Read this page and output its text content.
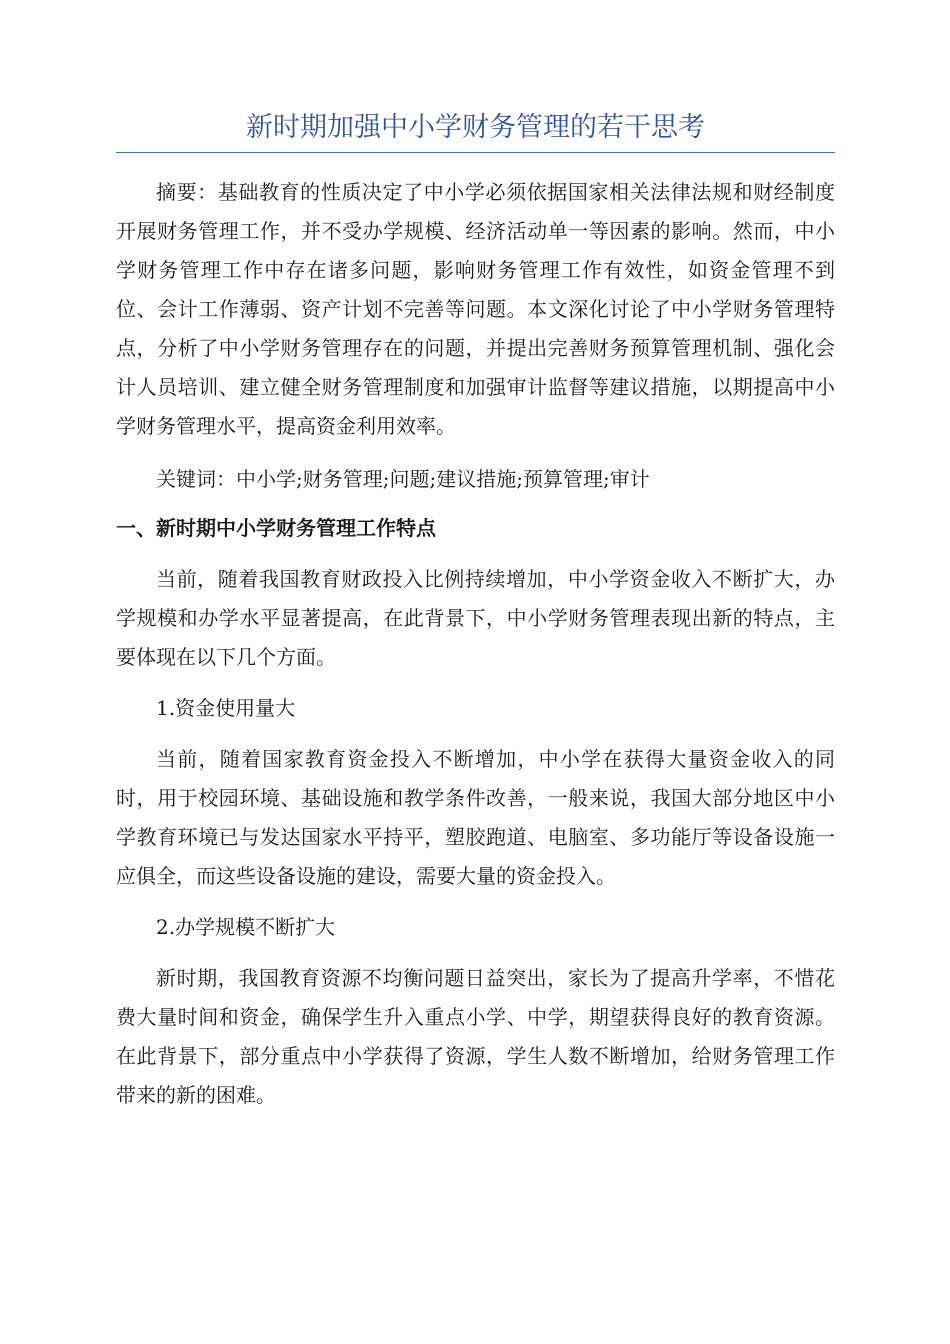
新时期加强中小学财务管理的若干思考

摘要：基础教育的性质决定了中小学必须依据国家相关法律法规和财经制度开展财务管理工作，并不受办学规模、经济活动单一等因素的影响。然而，中小学财务管理工作中存在诸多问题，影响财务管理工作有效性，如资金管理不到位、会计工作薄弱、资产计划不完善等问题。本文深化讨论了中小学财务管理特点，分析了中小学财务管理存在的问题，并提出完善财务预算管理机制、强化会计人员培训、建立健全财务管理制度和加强审计监督等建议措施，以期提高中小学财务管理水平，提高资金利用效率。

关键词：中小学;财务管理;问题;建议措施;预算管理;审计

一、新时期中小学财务管理工作特点

当前，随着我国教育财政投入比例持续增加，中小学资金收入不断扩大，办学规模和办学水平显著提高，在此背景下，中小学财务管理表现出新的特点，主要体现在以下几个方面。

1.资金使用量大

当前，随着国家教育资金投入不断增加，中小学在获得大量资金收入的同时，用于校园环境、基础设施和教学条件改善，一般来说，我国大部分地区中小学教育环境已与发达国家水平持平，塑胶跑道、电脑室、多功能厅等设备设施一应俱全，而这些设备设施的建设，需要大量的资金投入。

2.办学规模不断扩大

新时期，我国教育资源不均衡问题日益突出，家长为了提高升学率，不惜花费大量时间和资金，确保学生升入重点小学、中学，期望获得良好的教育资源。在此背景下，部分重点中小学获得了资源，学生人数不断增加，给财务管理工作带来的新的困难。
